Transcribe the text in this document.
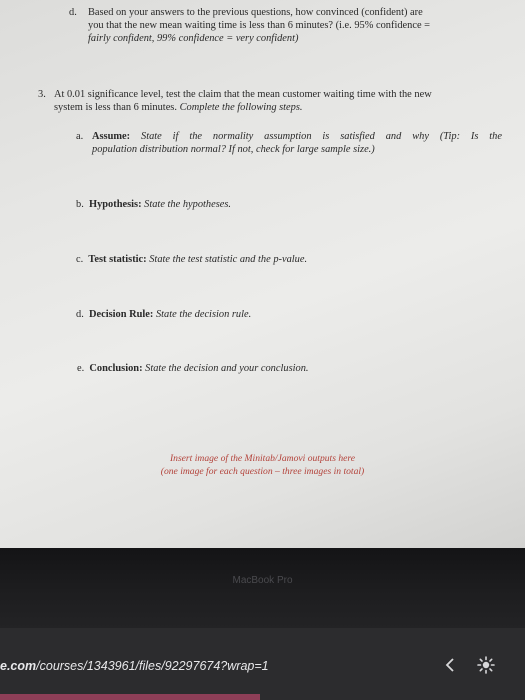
d. Based on your answers to the previous questions, how convinced (confident) are
you that the new mean waiting time is less than 6 minutes? (i.e. 95% confidence =
fairly confident, 99% confidence = very confident)
3. At 0.01 significance level, test the claim that the mean customer waiting time with the new
system is less than 6 minutes. Complete the following steps.
a. Assume: State if the normality assumption is satisfied and why (Tip: Is the
population distribution normal? If not, check for large sample size.)
b. Hypothesis: State the hypotheses.
c. Test statistic: State the test statistic and the p-value.
d. Decision Rule: State the decision rule.
e. Conclusion: State the decision and your conclusion.
Insert image of the Minitab/Jamovi outputs here
(one image for each question – three images in total)
MacBook Pro
e.com/courses/1343961/files/92297674?wrap=1
